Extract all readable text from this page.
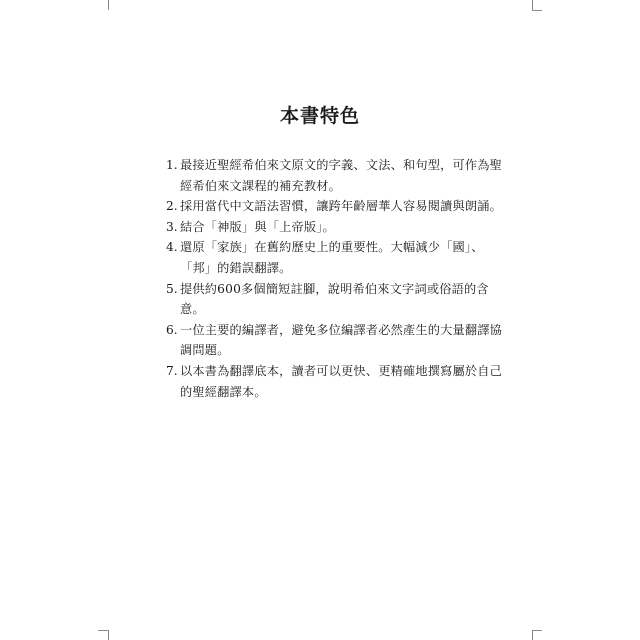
本書特色
1. 最接近聖經希伯來文原文的字義、文法、和句型，可作為聖經希伯來文課程的補充教材。
2. 採用當代中文語法習慣，讓跨年齡層華人容易閱讀與朗誦。
3. 結合「神版」與「上帝版」。
4. 還原「家族」在舊約歷史上的重要性。大幅減少「國」、「邦」的錯誤翻譯。
5. 提供約600多個簡短註腳，說明希伯來文字詞或俗語的含意。
6. 一位主要的編譯者，避免多位編譯者必然產生的大量翻譯協調問題。
7. 以本書為翻譯底本，讀者可以更快、更精確地撰寫屬於自己的聖經翻譯本。
